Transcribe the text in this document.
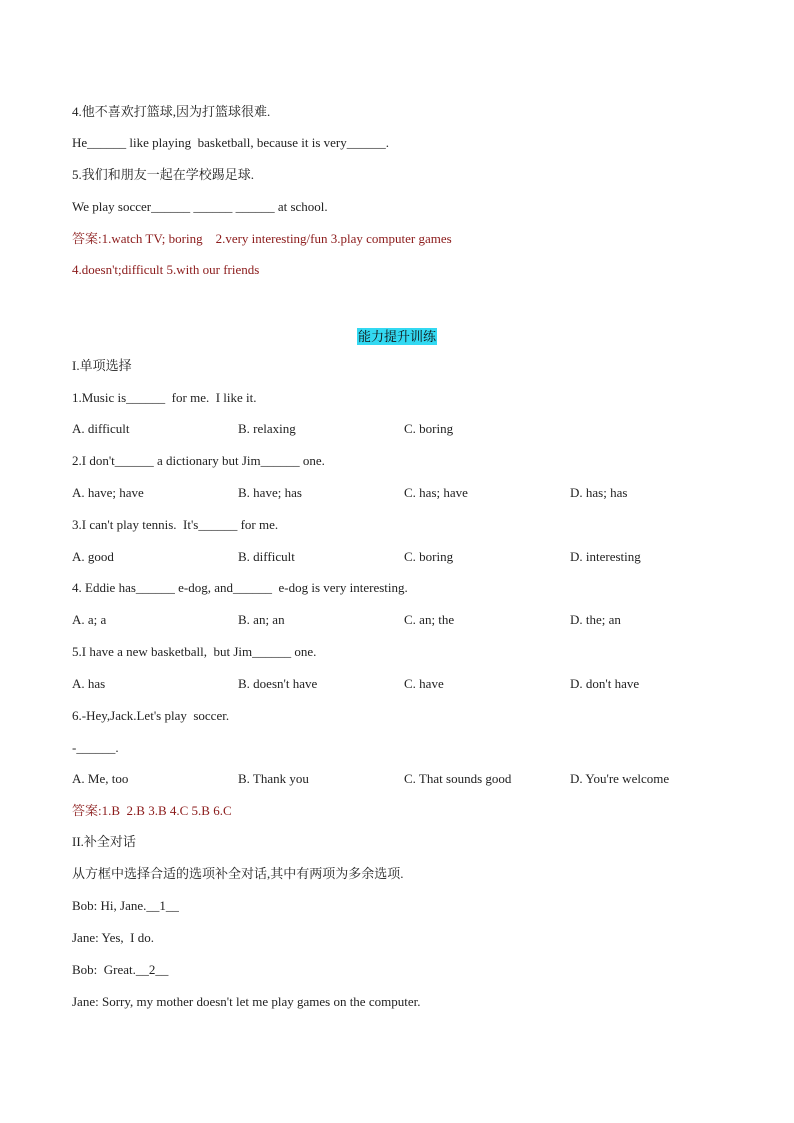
4.他不喜欢打篮球,因为打篮球很难.
He______ like playing  basketball, because it is very______.
5.我们和朋友一起在学校踢足球.
We play soccer______ ______ ______ at school.
答案:1.watch TV; boring    2.very interesting/fun 3.play computer games
4.doesn't;difficult 5.with our friends
能力提升训练
I.单项选择
1.Music is______  for me.  I like it.
A. difficult	B. relaxing	C. boring
2.I don't______ a dictionary but Jim______ one.
A. have; have	B. have; has	C. has; have	D. has; has
3.I can't play tennis.  It's______ for me.
A. good	B. difficult	C. boring	D. interesting
4. Eddie has______ e-dog, and______  e-dog is very interesting.
A. a; a	B. an; an	C. an; the	D. the; an
5.I have a new basketball,  but Jim______ one.
A. has	B. doesn't have	C. have	D. don't have
6.-Hey,Jack.Let's play  soccer.
-______.
A. Me, too	B. Thank you	C. That sounds good	D. You're welcome
答案:1.B  2.B 3.B 4.C 5.B 6.C
II.补全对话
从方框中选择合适的选项补全对话,其中有两项为多余选项.
Bob: Hi, Jane.__1__
Jane: Yes,  I do.
Bob:  Great.__2__
Jane: Sorry, my mother doesn't let me play games on the computer.
